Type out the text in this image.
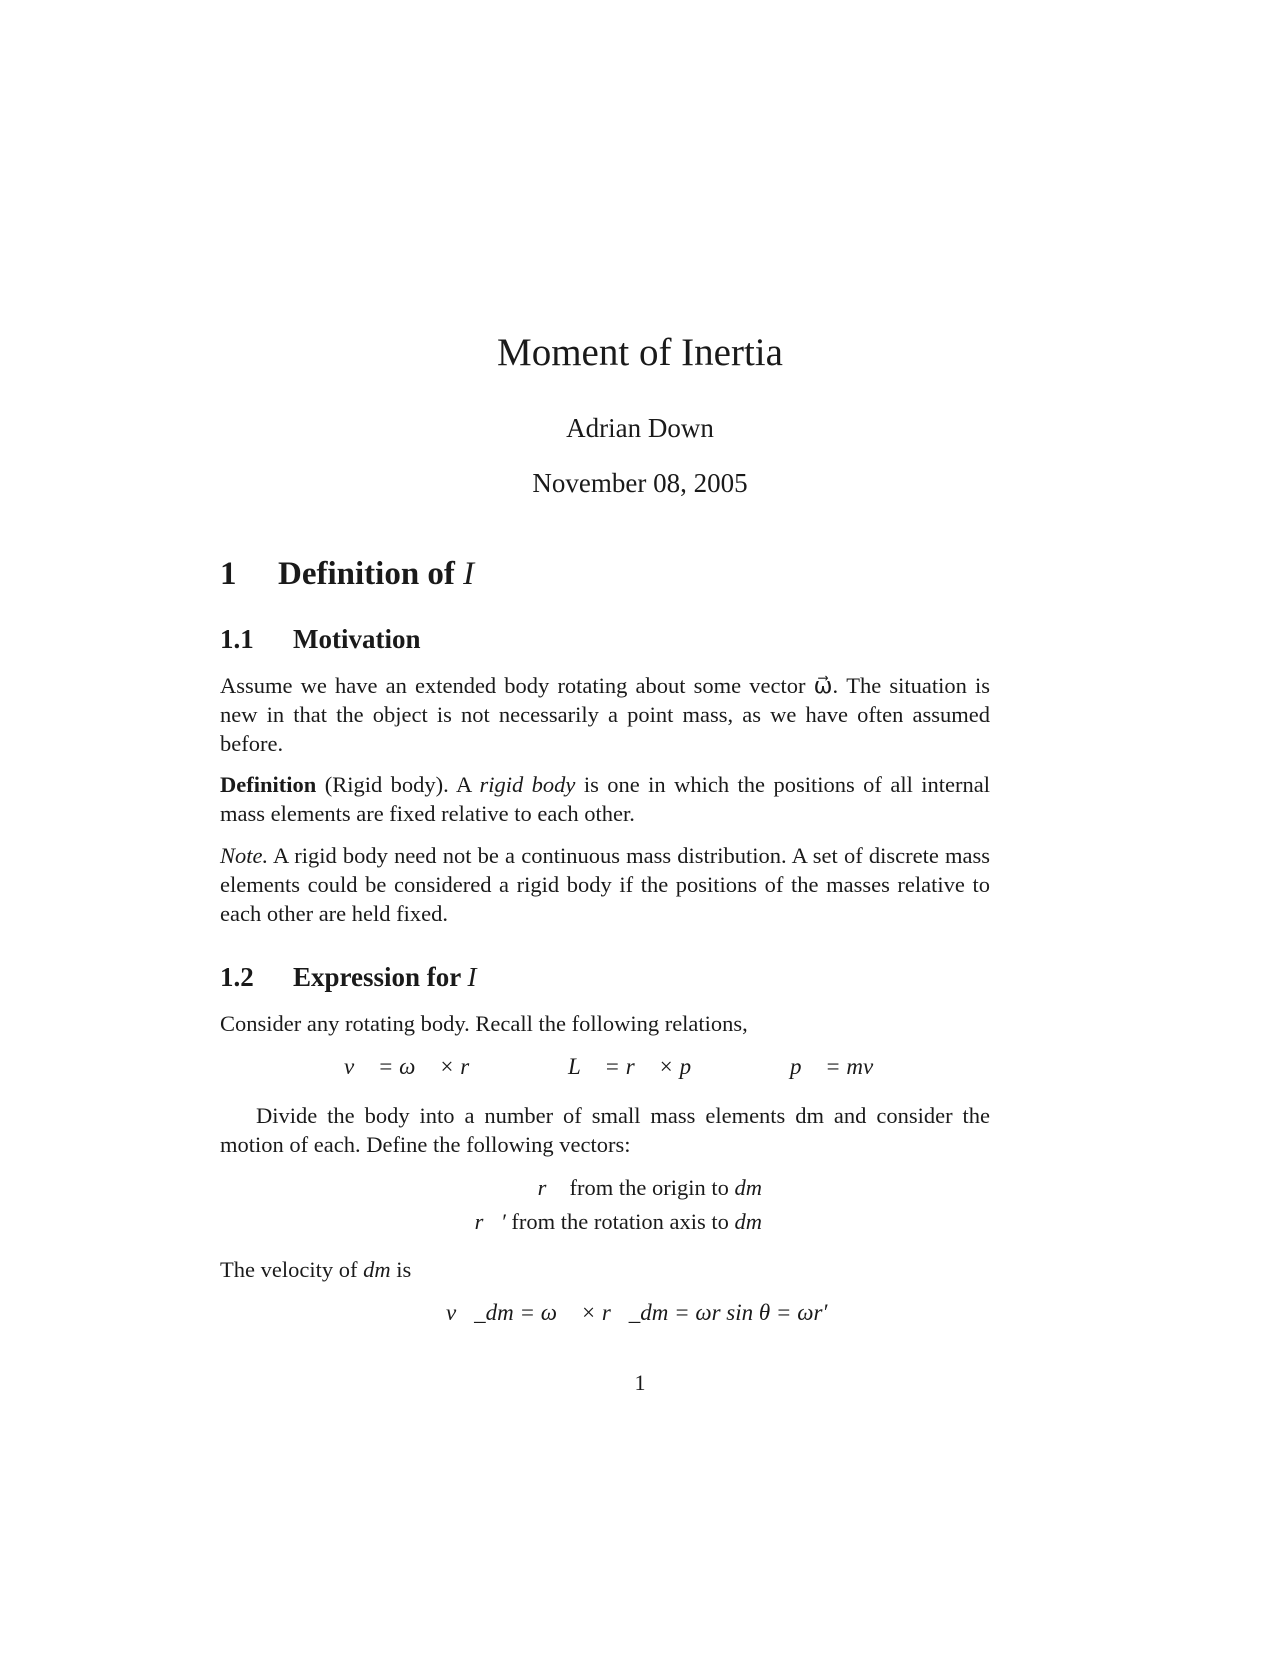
Moment of Inertia
Adrian Down
November 08, 2005
1 Definition of I
1.1 Motivation
Assume we have an extended body rotating about some vector ω⃗. The situation is new in that the object is not necessarily a point mass, as we have often assumed before.
Definition (Rigid body). A rigid body is one in which the positions of all internal mass elements are fixed relative to each other.
Note. A rigid body need not be a continuous mass distribution. A set of discrete mass elements could be considered a rigid body if the positions of the masses relative to each other are held fixed.
1.2 Expression for I
Consider any rotating body. Recall the following relations,
v⃗ = ω⃗ × r⃗	L⃗ = r⃗ × p⃗	p⃗ = mv⃗
Divide the body into a number of small mass elements dm and consider the motion of each. Define the following vectors:
r⃗ from the origin to dm
r⃗′ from the rotation axis to dm
The velocity of dm is
v⃗_dm = ω⃗ × r⃗_dm = ωr sin θ = ωr′
1
